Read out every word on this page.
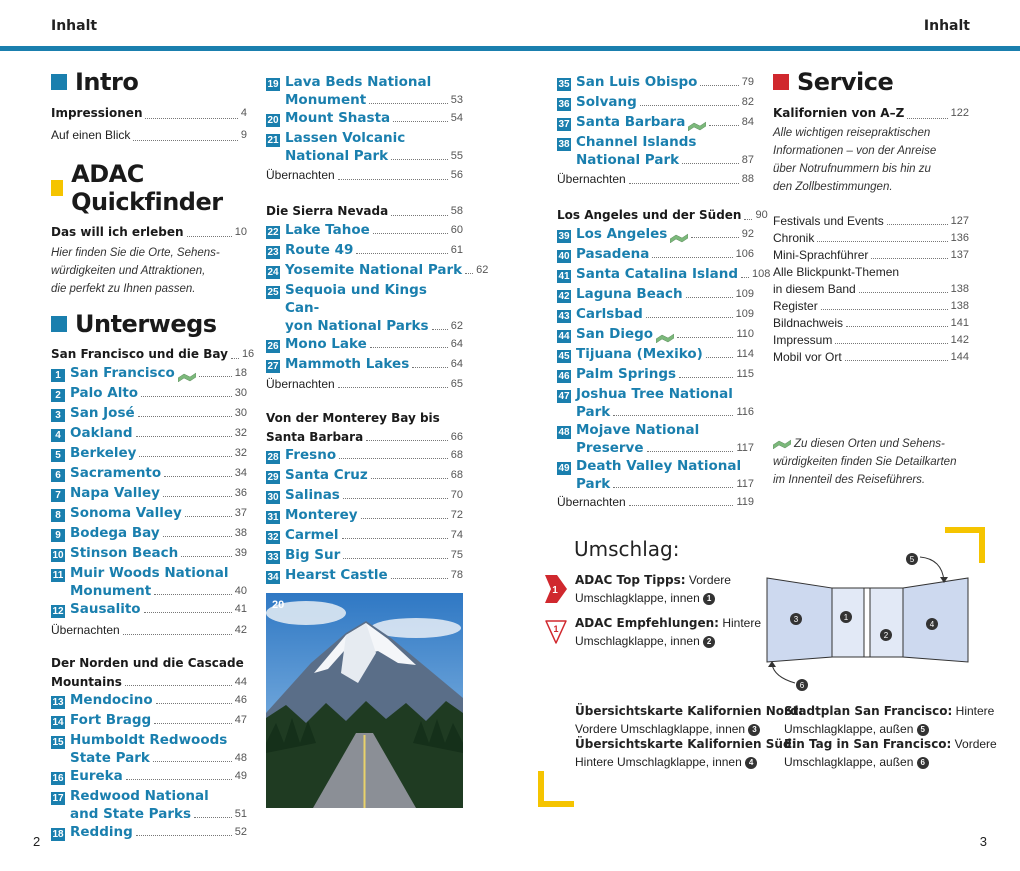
Inhalt	Inhalt
Intro
Impressionen	4
Auf einen Blick	9
ADAC Quickfinder
Das will ich erleben	10
Hier finden Sie die Orte, Sehens-
würdigkeiten und Attraktionen,
die perfekt zu Ihnen passen.
Unterwegs
San Francisco und die Bay 16
1 San Francisco	18
2 Palo Alto	30
3 San José	30
4 Oakland	32
5 Berkeley	32
6 Sacramento	34
7 Napa Valley	36
8 Sonoma Valley	37
9 Bodega Bay	38
10 Stinson Beach	39
11 Muir Woods National
Monument	40
12 Sausalito	41
Übernachten	42
Der Norden und die Cascade
Mountains	44
13 Mendocino	46
14 Fort Bragg	47
15 Humboldt Redwoods
State Park	48
16 Eureka	49
17 Redwood National
and State Parks	51
18 Redding	52
19 Lava Beds National
Monument	53
20 Mount Shasta	54
21 Lassen Volcanic
National Park	55
Übernachten	56
Die Sierra Nevada	58
22 Lake Tahoe	60
23 Route 49	61
24 Yosemite National Park 62
25 Sequoia und Kings Can-
yon National Parks 62
26 Mono Lake	64
27 Mammoth Lakes	64
Übernachten	65
Von der Monterey Bay bis
Santa Barbara	66
28 Fresno	68
29 Santa Cruz	68
30 Salinas	70
31 Monterey	72
32 Carmel	74
33 Big Sur	75
34 Hearst Castle	78
20
35 San Luis Obispo	79
36 Solvang	82
37 Santa Barbara	84
38 Channel Islands
National Park	87
Übernachten	88
Los Angeles und der Süden 90
39 Los Angeles	92
40 Pasadena	106
41 Santa Catalina Island 108
42 Laguna Beach	109
43 Carlsbad	109
44 San Diego	110
45 Tijuana (Mexiko)	114
46 Palm Springs	115
47 Joshua Tree National
Park	116
48 Mojave National
Preserve	117
49 Death Valley National
Park	117
Übernachten	119
Service
Kalifornien von A–Z	122
Alle wichtigen reisepraktischen
Informationen – von der Anreise
über Notrufnummern bis hin zu
den Zollbestimmungen.
Festivals und Events	127
Chronik	136
Mini-Sprachführer	137
Alle Blickpunkt-Themen
in diesem Band	138
Register	138
Bildnachweis	141
Impressum	142
Mobil vor Ort	144
Zu diesen Orten und Sehens-
würdigkeiten finden Sie Detailkarten
im Innenteil des Reiseführers.
Umschlag:
1
ADAC Top Tipps: Vordere
Umschlagklappe, innen 1
1 ADAC Empfehlungen: Hintere
Umschlagklappe, innen 2
3	1
2
4
5
6
Übersichtskarte Kalifornien Nord:
Vordere Umschlagklappe, innen 3
Übersichtskarte Kalifornien Süd:
Hintere Umschlagklappe, innen 4
Stadtplan San Francisco: Hintere
Umschlagklappe, außen 5
Ein Tag in San Francisco: Vordere
Umschlagklappe, außen 6
2	3
